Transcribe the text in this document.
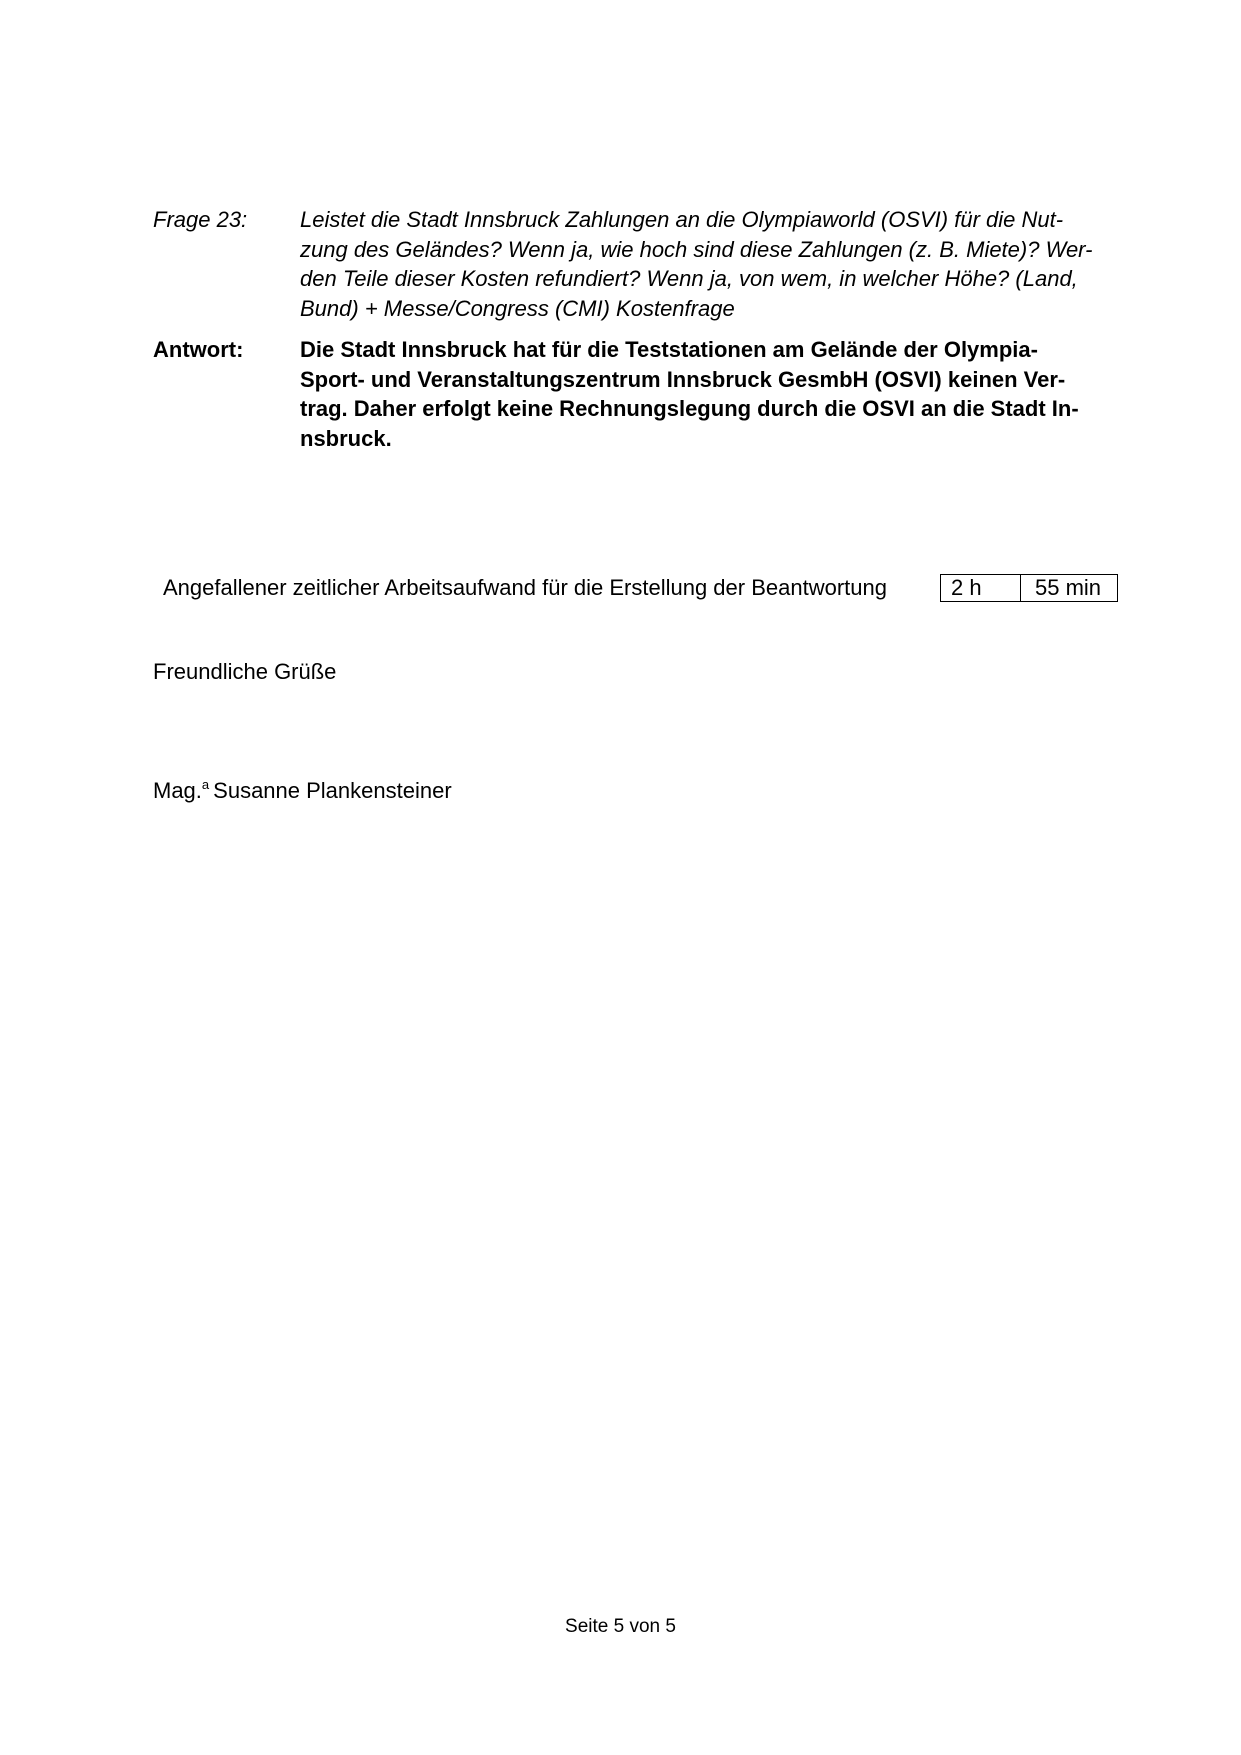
Frage 23:	Leistet die Stadt Innsbruck Zahlungen an die Olympiaworld (OSVI) für die Nut-
zung des Geländes? Wenn ja, wie hoch sind diese Zahlungen (z. B. Miete)? Wer-
den Teile dieser Kosten refundiert? Wenn ja, von wem, in welcher Höhe? (Land,
Bund) + Messe/Congress (CMI) Kostenfrage
Antwort:	Die Stadt Innsbruck hat für die Teststationen am Gelände der Olympia-
Sport- und Veranstaltungszentrum Innsbruck GesmbH (OSVI) keinen Ver-
trag. Daher erfolgt keine Rechnungslegung durch die OSVI an die Stadt In-
nsbruck.
Angefallener zeitlicher Arbeitsaufwand für die Erstellung der Beantwortung	2 h	55 min
Freundliche Grüße
Mag.$^a$ Susanne Plankensteiner
Seite 5 von 5
